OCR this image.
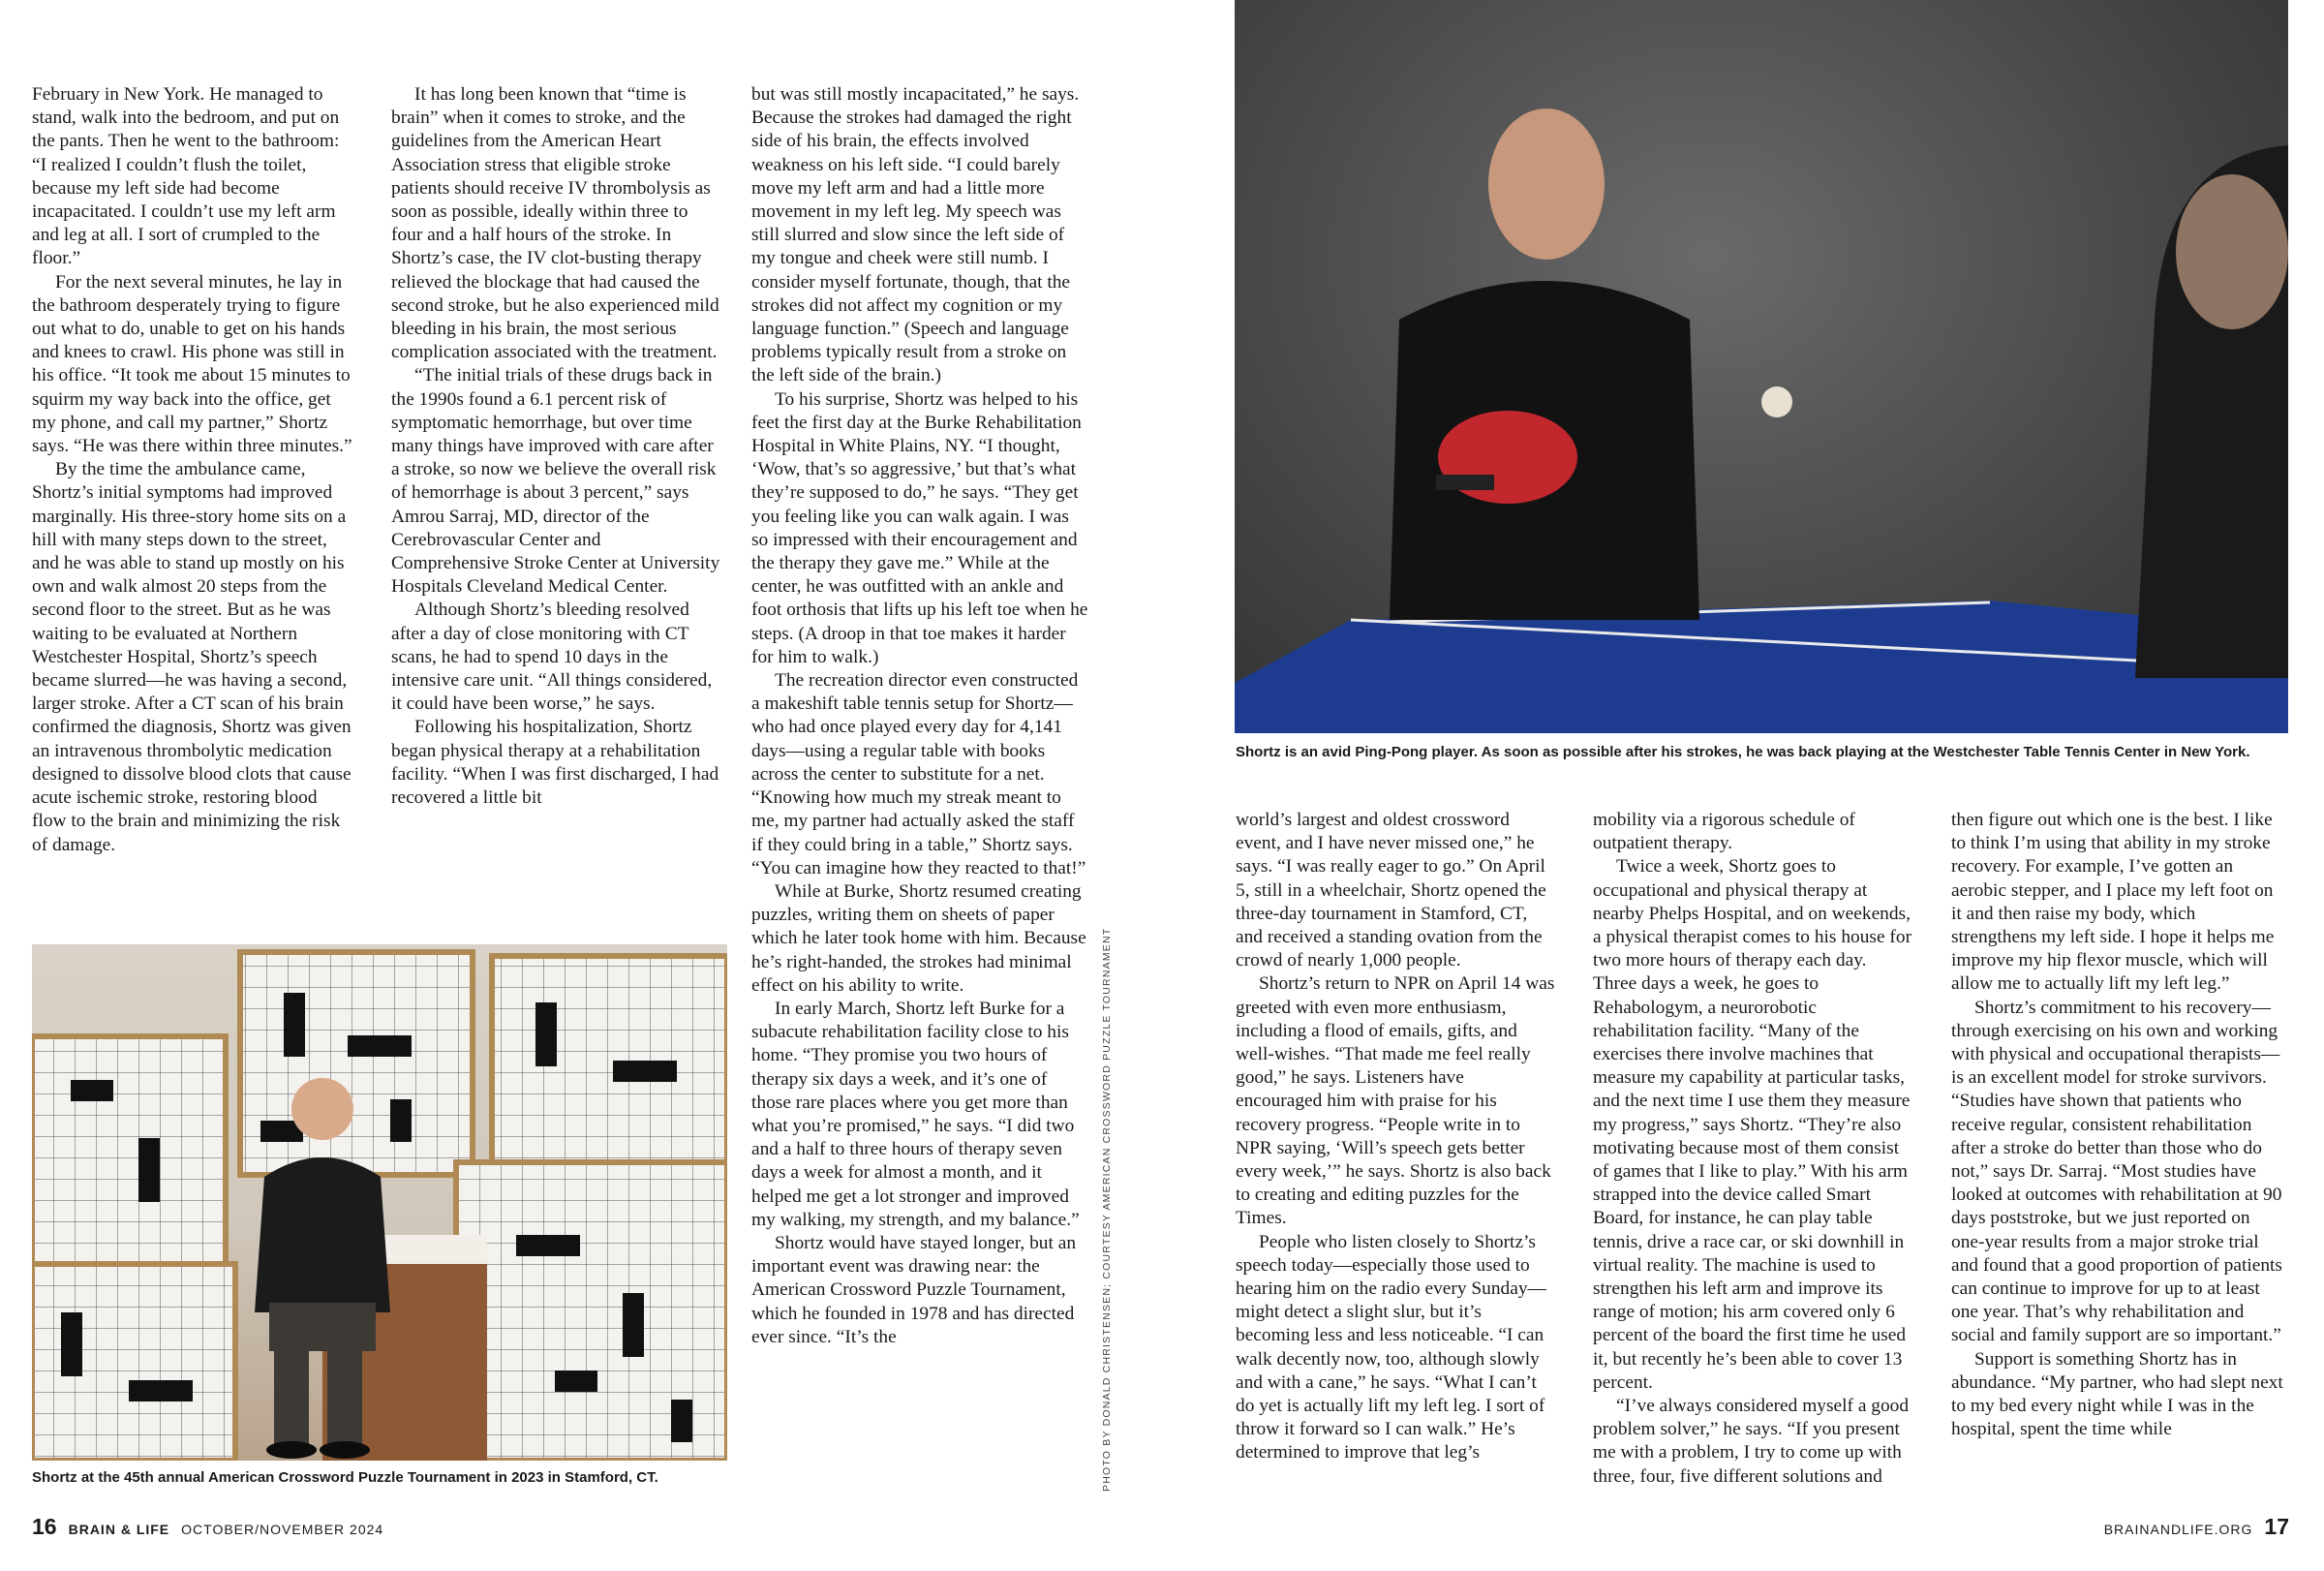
February in New York. He managed to stand, walk into the bedroom, and put on the pants. Then he went to the bathroom: “I realized I couldn’t flush the toilet, because my left side had become incapacitated. I couldn’t use my left arm and leg at all. I sort of crumpled to the floor.”

For the next several minutes, he lay in the bathroom desperately trying to figure out what to do, unable to get on his hands and knees to crawl. His phone was still in his office. “It took me about 15 minutes to squirm my way back into the office, get my phone, and call my partner,” Shortz says. “He was there within three minutes.”

By the time the ambulance came, Shortz’s initial symptoms had improved marginally. His three-story home sits on a hill with many steps down to the street, and he was able to stand up mostly on his own and walk almost 20 steps from the second floor to the street. But as he was waiting to be evaluated at Northern Westchester Hospital, Shortz’s speech became slurred—he was having a second, larger stroke. After a CT scan of his brain confirmed the diagnosis, Shortz was given an intravenous thrombolytic medication designed to dissolve blood clots that cause acute ischemic stroke, restoring blood flow to the brain and minimizing the risk of damage.

It has long been known that “time is brain” when it comes to stroke, and the guidelines from the American Heart Association stress that eligible stroke patients should receive IV thrombolysis as soon as possible, ideally within three to four and a half hours of the stroke. In Shortz’s case, the IV clot-busting therapy relieved the blockage that had caused the second stroke, but he also experienced mild bleeding in his brain, the most serious complication associated with the treatment.

“The initial trials of these drugs back in the 1990s found a 6.1 percent risk of symptomatic hemorrhage, but over time many things have improved with care after a stroke, so now we believe the overall risk of hemorrhage is about 3 percent,” says Amrou Sarraj, MD, director of the Cerebrovascular Center and Comprehensive Stroke Center at University Hospitals Cleveland Medical Center.

Although Shortz’s bleeding resolved after a day of close monitoring with CT scans, he had to spend 10 days in the intensive care unit. “All things considered, it could have been worse,” he says.

Following his hospitalization, Shortz began physical therapy at a rehabilitation facility. “When I was first discharged, I had recovered a little bit

but was still mostly incapacitated,” he says. Because the strokes had damaged the right side of his brain, the effects involved weakness on his left side. “I could barely move my left arm and had a little more movement in my left leg. My speech was still slurred and slow since the left side of my tongue and cheek were still numb. I consider myself fortunate, though, that the strokes did not affect my cognition or my language function.” (Speech and language problems typically result from a stroke on the left side of the brain.)

To his surprise, Shortz was helped to his feet the first day at the Burke Rehabilitation Hospital in White Plains, NY. “I thought, ‘Wow, that’s so aggressive,’ but that’s what they’re supposed to do,” he says. “They get you feeling like you can walk again. I was so impressed with their encouragement and the therapy they gave me.” While at the center, he was outfitted with an ankle and foot orthosis that lifts up his left toe when he steps. (A droop in that toe makes it harder for him to walk.)

The recreation director even constructed a makeshift table tennis setup for Shortz—who had once played every day for 4,141 days—using a regular table with books across the center to substitute for a net. “Knowing how much my streak meant to me, my partner had actually asked the staff if they could bring in a table,” Shortz says. “You can imagine how they reacted to that!”

While at Burke, Shortz resumed creating puzzles, writing them on sheets of paper which he later took home with him. Because he’s right-handed, the strokes had minimal effect on his ability to write.

In early March, Shortz left Burke for a subacute rehabilitation facility close to his home. “They promise you two hours of therapy six days a week, and it’s one of those rare places where you get more than what you’re promised,” he says. “I did two and a half to three hours of therapy seven days a week for almost a month, and it helped me get a lot stronger and improved my walking, my strength, and my balance.”

Shortz would have stayed longer, but an important event was drawing near: the American Crossword Puzzle Tournament, which he founded in 1978 and has directed ever since. “It’s the

Shortz at the 45th annual American Crossword Puzzle Tournament in 2023 in Stamford, CT.	PHOTO BY DONALD CHRISTENSEN; COURTESY AMERICAN CROSSWORD PUZZLE TOURNAMENT
16 BRAIN & LIFE OCTOBER/NOVEMBER 2024
Shortz is an avid Ping-Pong player. As soon as possible after his strokes, he was back playing at the Westchester Table Tennis Center in New York.

world’s largest and oldest crossword event, and I have never missed one,” he says. “I was really eager to go.” On April 5, still in a wheelchair, Shortz opened the three-day tournament in Stamford, CT, and received a standing ovation from the crowd of nearly 1,000 people.

Shortz’s return to NPR on April 14 was greeted with even more enthusiasm, including a flood of emails, gifts, and well-wishes. “That made me feel really good,” he says. Listeners have encouraged him with praise for his recovery progress. “People write in to NPR saying, ‘Will’s speech gets better every week,’” he says. Shortz is also back to creating and editing puzzles for the Times.

People who listen closely to Shortz’s speech today—especially those used to hearing him on the radio every Sunday—might detect a slight slur, but it’s becoming less and less noticeable. “I can walk decently now, too, although slowly and with a cane,” he says. “What I can’t do yet is actually lift my left leg. I sort of throw it forward so I can walk.” He’s determined to improve that leg’s

mobility via a rigorous schedule of outpatient therapy.

Twice a week, Shortz goes to occupational and physical therapy at nearby Phelps Hospital, and on weekends, a physical therapist comes to his house for two more hours of therapy each day. Three days a week, he goes to Rehabologym, a neurorobotic rehabilitation facility. “Many of the exercises there involve machines that measure my capability at particular tasks, and the next time I use them they measure my progress,” says Shortz. “They’re also motivating because most of them consist of games that I like to play.” With his arm strapped into the device called Smart Board, for instance, he can play table tennis, drive a race car, or ski downhill in virtual reality. The machine is used to strengthen his left arm and improve its range of motion; his arm covered only 6 percent of the board the first time he used it, but recently he’s been able to cover 13 percent.

“I’ve always considered myself a good problem solver,” he says. “If you present me with a problem, I try to come up with three, four, five different solutions and

then figure out which one is the best. I like to think I’m using that ability in my stroke recovery. For example, I’ve gotten an aerobic stepper, and I place my left foot on it and then raise my body, which strengthens my left side. I hope it helps me improve my hip flexor muscle, which will allow me to actually lift my left leg.”

Shortz’s commitment to his recovery—through exercising on his own and working with physical and occupational therapists—is an excellent model for stroke survivors. “Studies have shown that patients who receive regular, consistent rehabilitation after a stroke do better than those who do not,” says Dr. Sarraj. “Most studies have looked at outcomes with rehabilitation at 90 days poststroke, but we just reported on one-year results from a major stroke trial and found that a good proportion of patients can continue to improve for up to at least one year. That’s why rehabilitation and social and family support are so important.”

Support is something Shortz has in abundance. “My partner, who had slept next to my bed every night while I was in the hospital, spent the time while

BRAINANDLIFE.ORG 17
